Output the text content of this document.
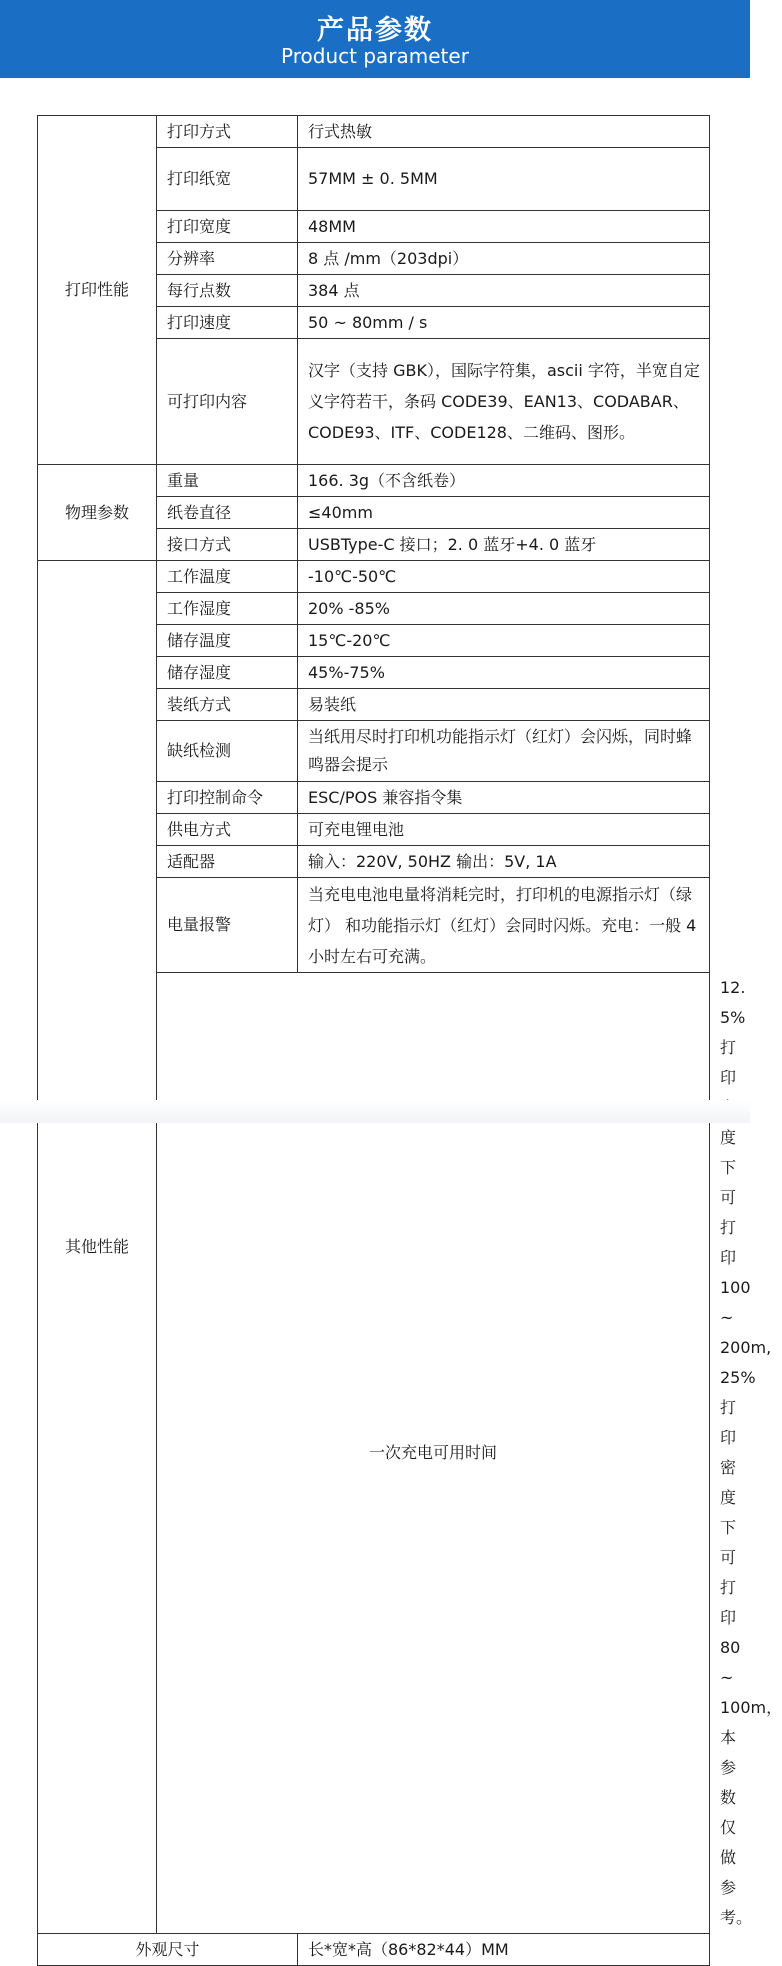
产品参数
Product parameter
打印性能	打印方式	行式热敏	
	打印纸宽	57MM ± 0. 5MM	
	打印宽度	48MM	
	分辨率	8 点 /mm（203dpi）	
	每行点数	384 点	
	打印速度	50 ~ 80mm / s	
	可打印内容	汉字（支持 GBK），国际字符集，ascii 字符，半宽自定义字符若干，条码 CODE39、EAN13、CODABAR、CODE93、ITF、CODE128、二维码、图形。	
物理参数	重量	166. 3g（不含纸卷）	
	纸卷直径	≤40mm	
	接口方式	USBType-C 接口；2. 0 蓝牙+4. 0 蓝牙	
其他性能	工作温度	-10℃-50℃	
	工作湿度	20% -85%	
	储存温度	15℃-20℃	
	储存湿度	45%-75%	
	装纸方式	易装纸	
	缺纸检测	当纸用尽时打印机功能指示灯（红灯）会闪烁，同时蜂鸣器会提示	
	打印控制命令	ESC/POS 兼容指令集	
	供电方式	可充电锂电池	
	适配器	输入：220V, 50HZ 输出：5V, 1A	
	电量报警	当充电电池电量将消耗完时，打印机的电源指示灯（绿灯） 和功能指示灯（红灯）会同时闪烁。充电：一般 4 小时左右可充满。	
	一次充电可用时间		12. 5%打印 度下可打印 100 ~ 200m, 25% 打印密度下可打印 80 ~ 100m，本参数仅做参考。
外观尺寸		长*宽*高（86*82*44）MM	
